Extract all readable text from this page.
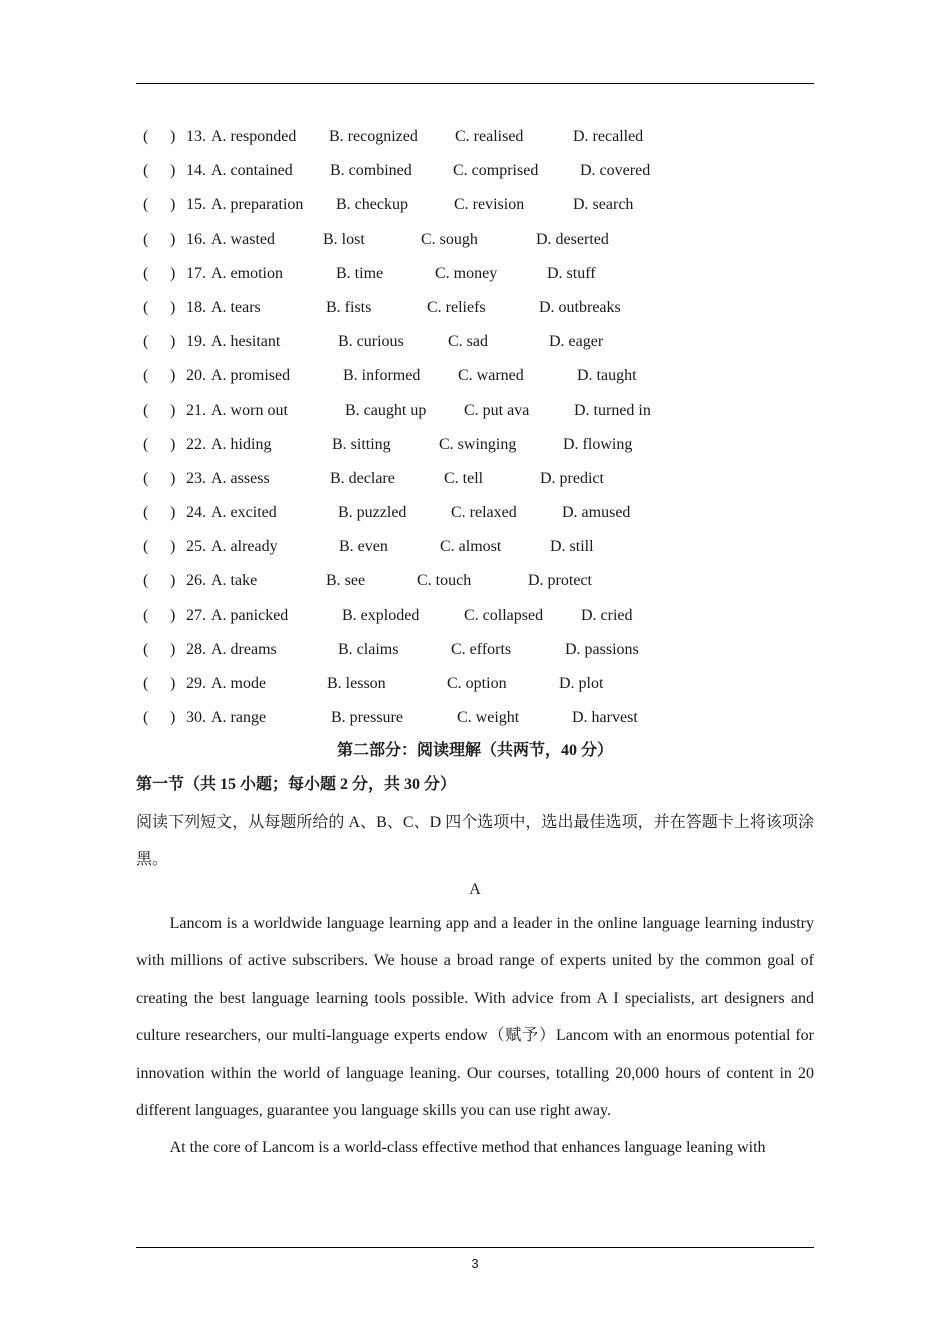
( ) 13. A. responded B. recognized C. realised	D. recalled
( ) 14. A. contained B. combined	C. comprised	D. covered
( ) 15. A. preparation B. checkup	C. revision	D. search
( ) 16. A. wasted	B. lost	C. sough	D. deserted
( ) 17. A. emotion	B. time	C. money	D. stuff
( ) 18. A. tears	B. fists	C. reliefs	D. outbreaks
( ) 19. A. hesitant	B. curious	C. sad	D. eager
( ) 20. A. promised	B. informed C. warned	D. taught
( ) 21. A. worn out	B. caught up C. put ava	D. turned in
( ) 22. A. hiding	B. sitting	C. swinging	D. flowing
( ) 23. A. assess	B. declare	C. tell	D. predict
( ) 24. A. excited	B. puzzled	C. relaxed	D. amused
( ) 25. A. already	B. even	C. almost	D. still
( ) 26. A. take	B. see	C. touch	D. protect
( ) 27. A. panicked	B. exploded	C. collapsed D. cried
( ) 28. A. dreams	B. claims	C. efforts	D. passions
( ) 29. A. mode	B. lesson	C. option	D. plot
( ) 30. A. range	B. pressure	C. weight	D. harvest
第二部分：阅读理解（共两节，40 分）
第一节（共 15 小题；每小题 2 分，共 30 分）
阅读下列短文，从每题所给的 A、B、C、D 四个选项中，选出最佳选项，并在答题卡上将该项涂黑。
A

Lancom is a worldwide language learning app and a leader in the online language learning industry with millions of active subscribers. We house a broad range of experts united by the common goal of creating the best language learning tools possible. With advice from A I specialists, art designers and culture researchers, our multi-language experts endow（赋予）Lancom with an enormous potential for innovation within the world of language leaning. Our courses, totalling 20,000 hours of content in 20 different languages, guarantee you language skills you can use right away.

At the core of Lancom is a world-class effective method that enhances language leaning with

3
